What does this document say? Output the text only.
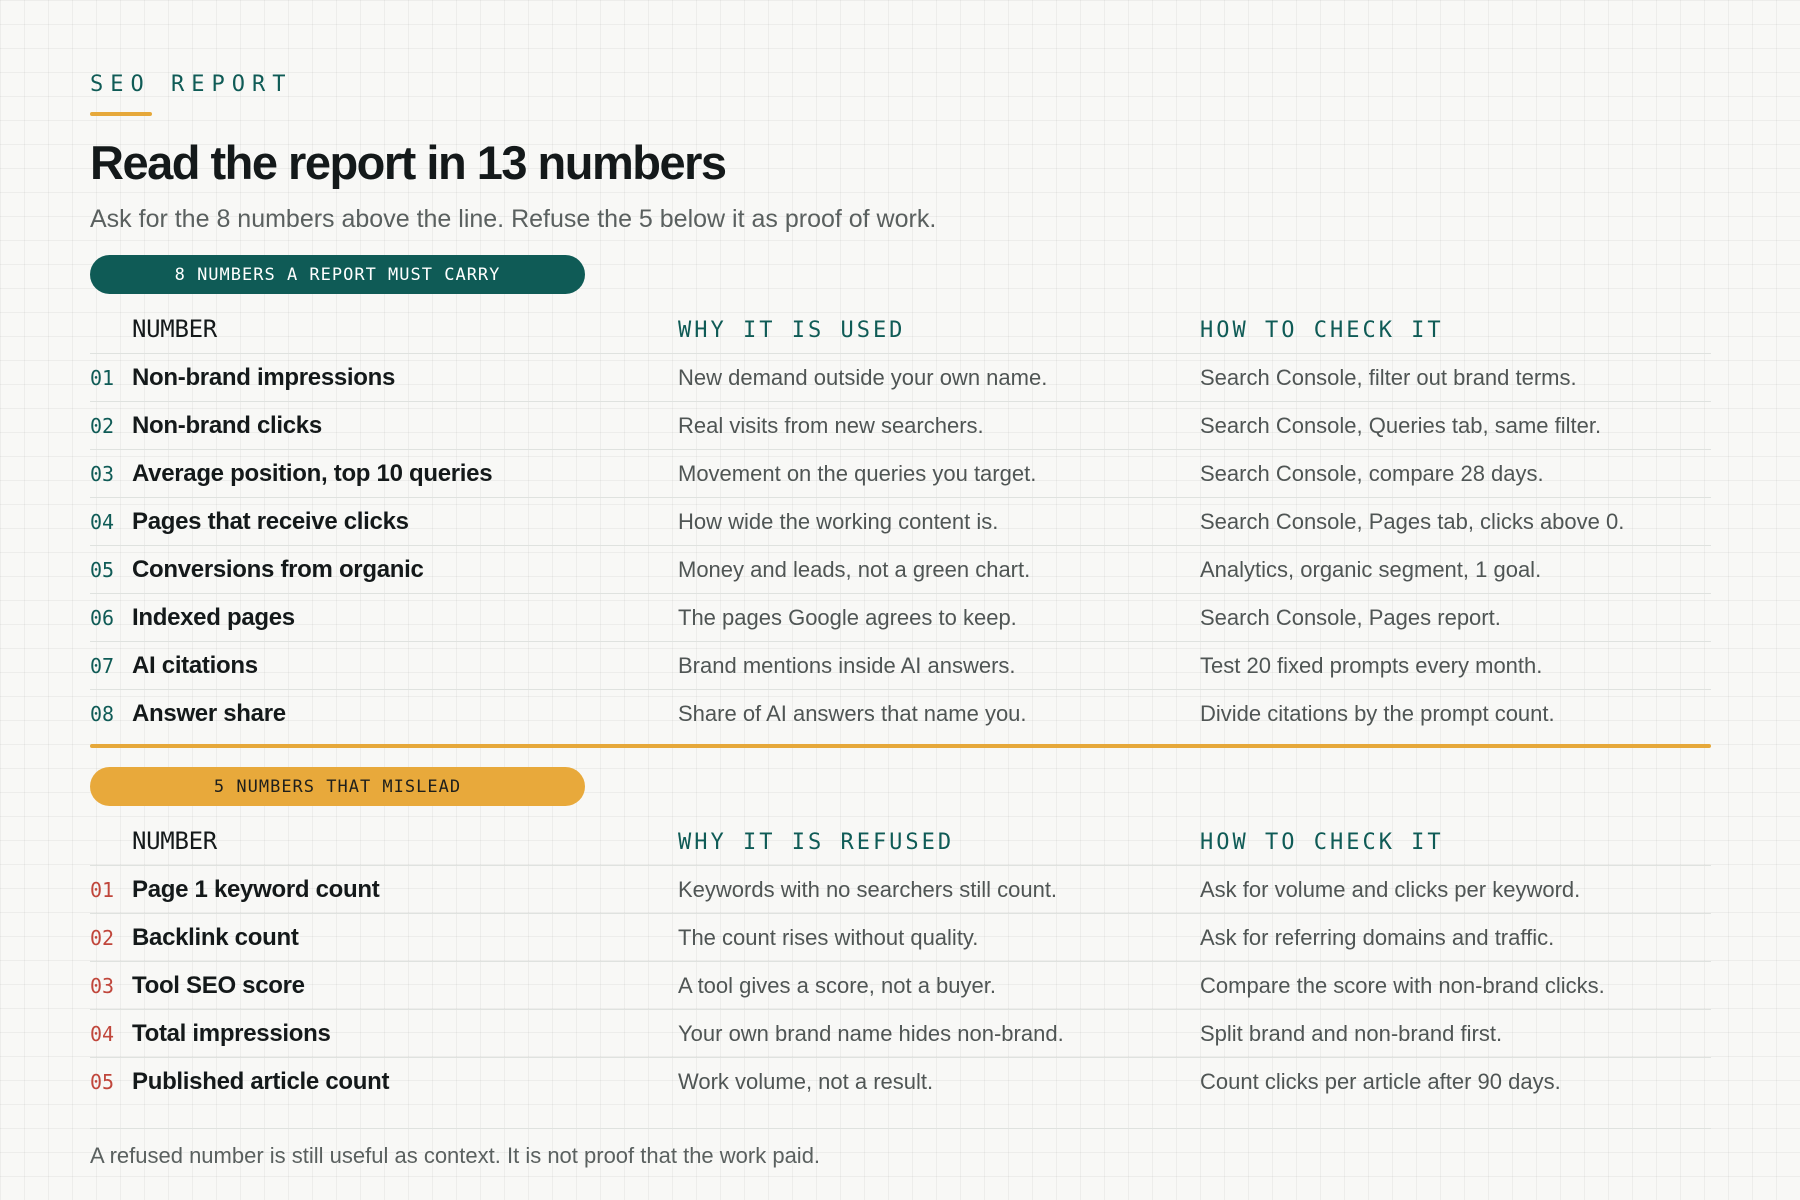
SEO REPORT
Read the report in 13 numbers
Ask for the 8 numbers above the line. Refuse the 5 below it as proof of work.
8 NUMBERS A REPORT MUST CARRY
NUMBER	WHY IT IS USED	HOW TO CHECK IT
01 Non-brand impressions	New demand outside your own name.	Search Console, filter out brand terms.
02 Non-brand clicks	Real visits from new searchers.	Search Console, Queries tab, same filter.
03 Average position, top 10 queries	Movement on the queries you target.	Search Console, compare 28 days.
04 Pages that receive clicks	How wide the working content is.	Search Console, Pages tab, clicks above 0.
05 Conversions from organic	Money and leads, not a green chart.	Analytics, organic segment, 1 goal.
06 Indexed pages	The pages Google agrees to keep.	Search Console, Pages report.
07 AI citations	Brand mentions inside AI answers.	Test 20 fixed prompts every month.
08 Answer share	Share of AI answers that name you.	Divide citations by the prompt count.
5 NUMBERS THAT MISLEAD
NUMBER	WHY IT IS REFUSED	HOW TO CHECK IT
01 Page 1 keyword count	Keywords with no searchers still count.	Ask for volume and clicks per keyword.
02 Backlink count	The count rises without quality.	Ask for referring domains and traffic.
03 Tool SEO score	A tool gives a score, not a buyer.	Compare the score with non-brand clicks.
04 Total impressions	Your own brand name hides non-brand.	Split brand and non-brand first.
05 Published article count	Work volume, not a result.	Count clicks per article after 90 days.
A refused number is still useful as context. It is not proof that the work paid.
